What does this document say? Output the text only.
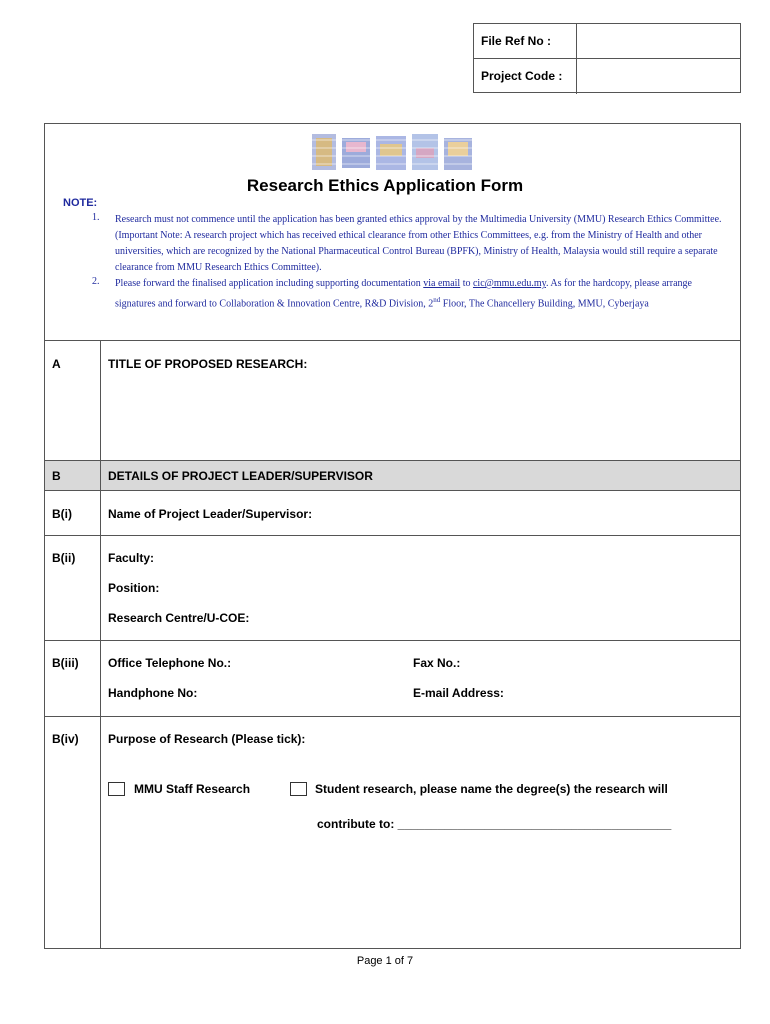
File Ref No :
Project Code :
Research Ethics Application Form
NOTE:
1. Research must not commence until the application has been granted ethics approval by the Multimedia University (MMU) Research Ethics Committee. (Important Note: A research project which has received ethical clearance from other Ethics Committees, e.g. from the Ministry of Health and other universities, which are recognized by the National Pharmaceutical Control Bureau (BPFK), Ministry of Health, Malaysia would still require a separate clearance from MMU Research Ethics Committee).
2. Please forward the finalised application including supporting documentation via email to cic@mmu.edu.my. As for the hardcopy, please arrange signatures and forward to Collaboration & Innovation Centre, R&D Division, 2nd Floor, The Chancellery Building, MMU, Cyberjaya
A	TITLE OF PROPOSED RESEARCH:
B	DETAILS OF PROJECT LEADER/SUPERVISOR
B(i)	Name of Project Leader/Supervisor:
B(ii)	Faculty:
Position:
Research Centre/U-COE:
B(iii) Office Telephone No.:	Fax No.:
Handphone No:	E-mail Address:
B(iv) Purpose of Research (Please tick):
MMU Staff Research	Student research, please name the degree(s) the research will
contribute to: _________________________________________
Page 1 of 7
